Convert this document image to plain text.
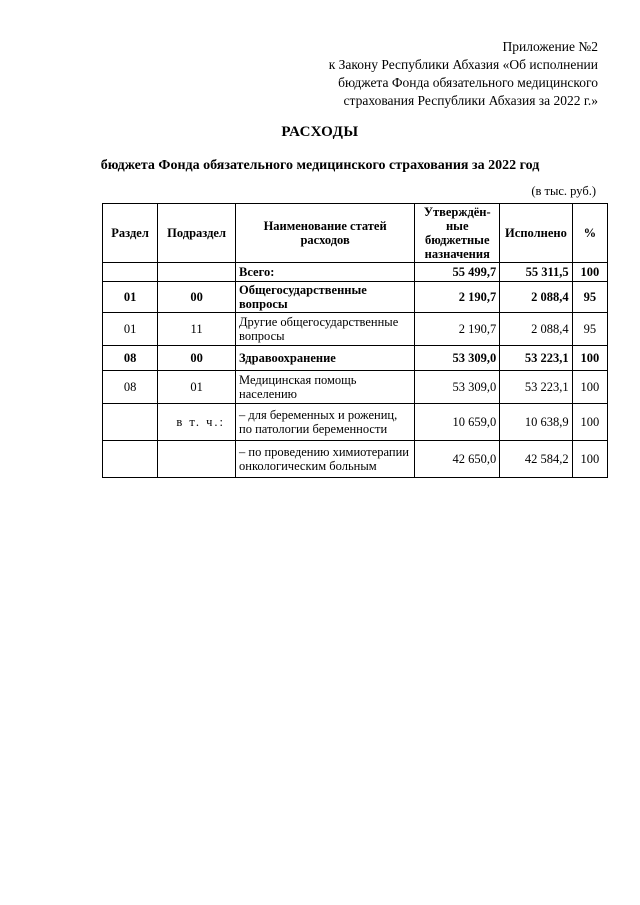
Приложение №2
к Закону Республики Абхазия «Об исполнении
бюджета Фонда обязательного медицинского
страхования Республики Абхазия за 2022 г.»
РАСХОДЫ
бюджета Фонда обязательного медицинского страхования за 2022 год
(в тыс. руб.)
Раздел	Подраздел	Наименование статей расходов	Утверждён-ные бюджетные назначения	Исполнено	%
		Всего:	55 499,7	55 311,5	100
01	00	Общегосударственные вопросы	2 190,7	2 088,4	95
01	11	Другие общегосударственные вопросы	2 190,7	2 088,4	95
08	00	Здравоохранение	53 309,0	53 223,1	100
08	01	Медицинская помощь населению	53 309,0	53 223,1	100
	в т. ч.:	– для беременных и рожениц, по патологии беременности	10 659,0	10 638,9	100
		– по проведению химиотерапии онкологическим больным	42 650,0	42 584,2	100
